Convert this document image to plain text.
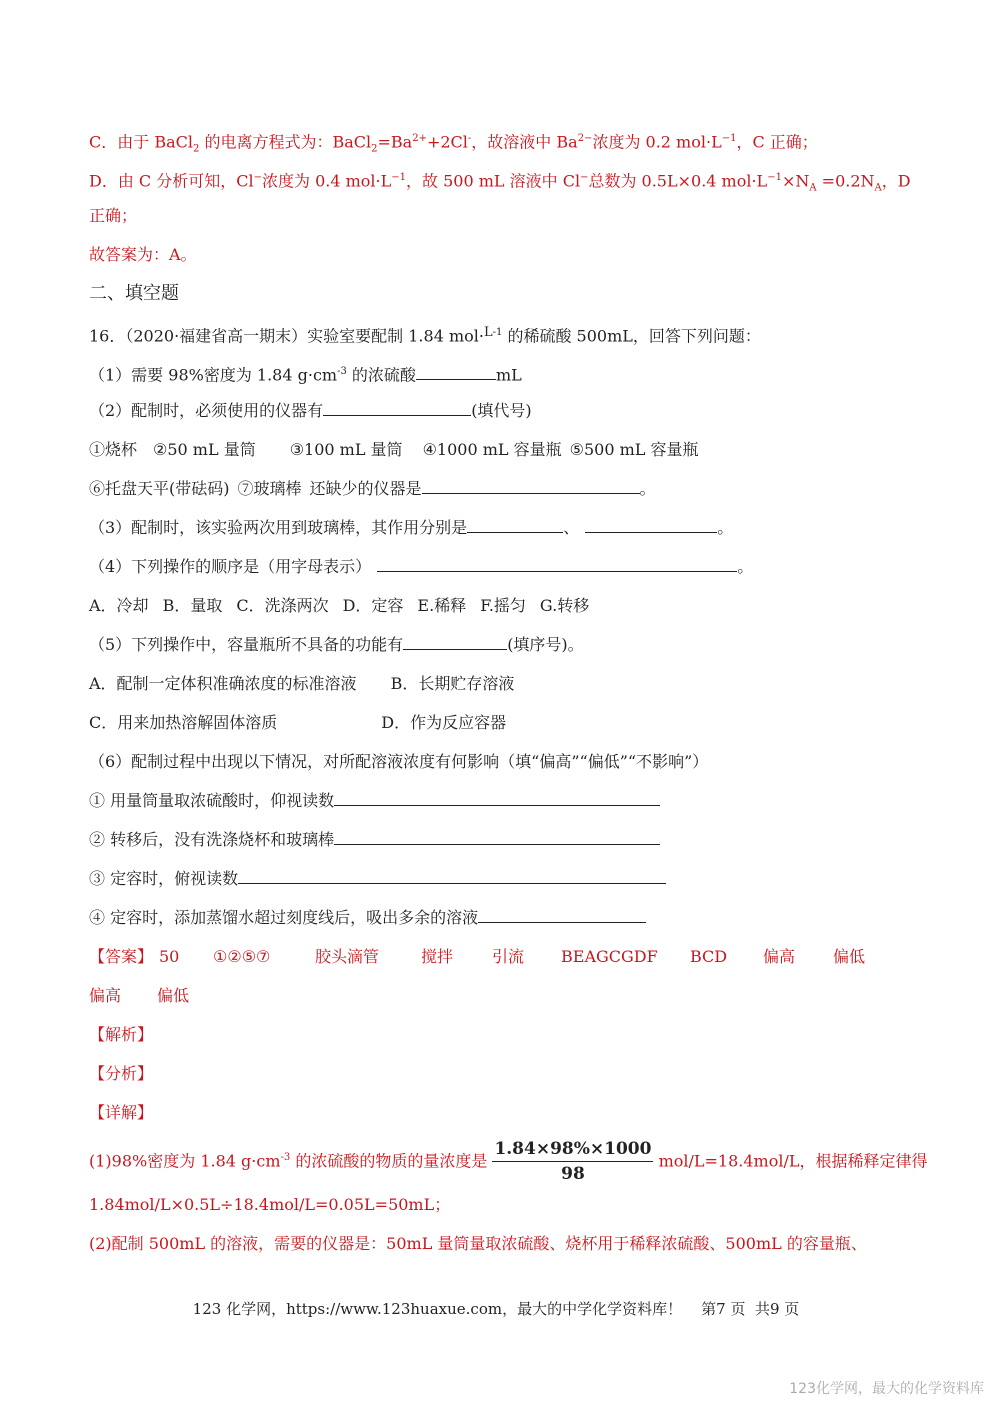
C．由于 BaCl$_2$ 的电离方程式为：$BaCl_2=Ba^{2+}+2Cl^-$，故溶液中 $Ba^{2-}$浓度为 0.2 $mol\cdot L^{-1}$，C 正确；
D．由 C 分析可知，Cl−浓度为 0.4 $mol\cdot L^{-1}$，故 500 mL 溶液中 Cl−总数为 0.5L×0.4 $mol\cdot L^{-1}\times N_A =0.2N_A$，D
正确；
故答案为：A。
二、填空题
16．（2020·福建省高一期末）实验室要配制 1.84 mol·$^{L-1}$ 的稀硫酸 500mL，回答下列问题：
（1）需要 98%密度为 1.84 $g\cdot cm^{-3}$ 的浓硫酸	mL
（2）配制时，必须使用的仪器有	(填代号)
①烧杯 ②50 mL 量筒 ③100 mL 量筒 ④1000 mL 容量瓶 ⑤500 mL 容量瓶
⑥托盘天平(带砝码) ⑦玻璃棒 还缺少的仪器是	。
（3）配制时，该实验两次用到玻璃棒，其作用分别是	、	。
（4）下列操作的顺序是（用字母表示）	。
A．冷却 B．量取 C．洗涤两次 D．定容 E.稀释 F.摇匀 G.转移
（5）下列操作中，容量瓶所不具备的功能有	(填序号)。
A．配制一定体积准确浓度的标准溶液 B．长期贮存溶液
C．用来加热溶解固体溶质	D．作为反应容器
（6）配制过程中出现以下情况，对所配溶液浓度有何影响（填“偏高”“偏低”“不影响”）
① 用量筒量取浓硫酸时，仰视读数
② 转移后，没有洗涤烧杯和玻璃棒
③ 定容时，俯视读数
④ 定容时，添加蒸馏水超过刻度线后，吸出多余的溶液
【答案】 50 ①②⑤⑦	胶头滴管	搅拌 引流 BEAGCGDF BCD 偏高 偏低
偏高 偏低
【解析】
【分析】
【详解】
(1)98%密度为 1.84 $g\cdot cm^{-3}$ 的浓硫酸的物质的量浓度是 $\frac{1.84\times 98\%\times 1000}{98} mol/L=18.4mol/L$，根据稀释定律得
1.84mol/L×0.5L÷18.4mol/L=0.05L=50mL；
(2)配制 500mL 的溶液，需要的仪器是：50mL 量筒量取浓硫酸、烧杯用于稀释浓硫酸、500mL 的容量瓶、
123 化学网，https://www.123huaxue.com，最大的中学化学资料库！    第7 页  共9 页
123化学网，最大的化学资料库
